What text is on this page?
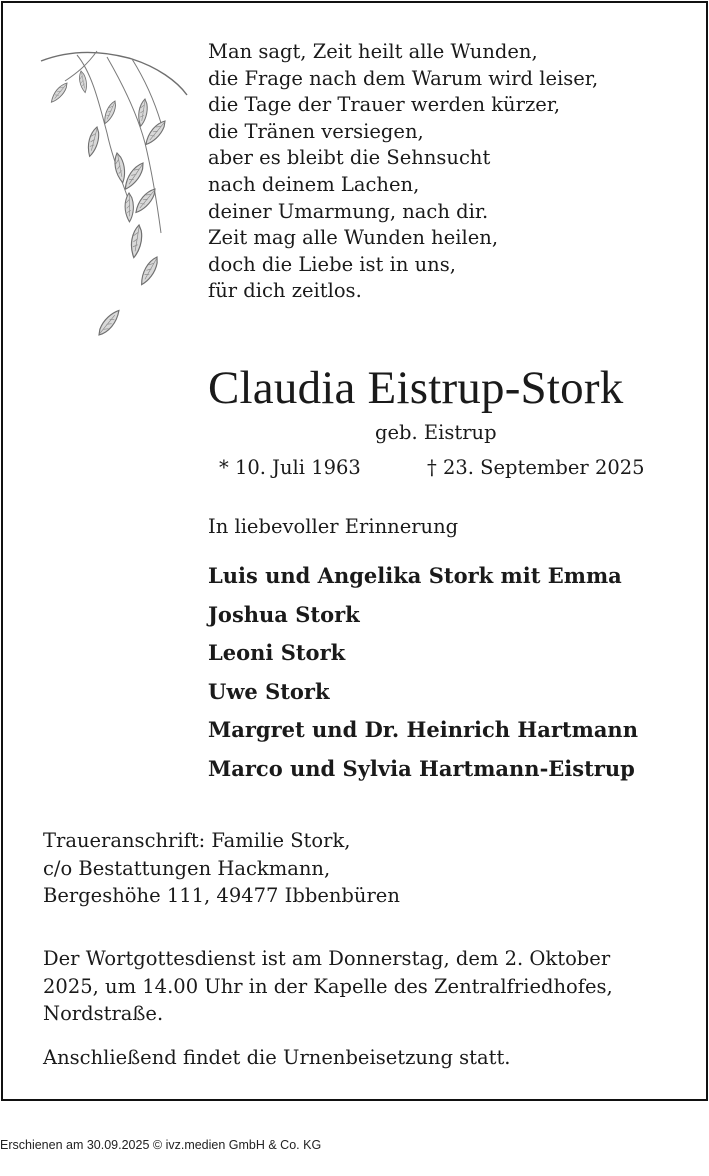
Man sagt, Zeit heilt alle Wunden,
die Frage nach dem Warum wird leiser,
die Tage der Trauer werden kürzer,
die Tränen versiegen,
aber es bleibt die Sehnsucht
nach deinem Lachen,
deiner Umarmung, nach dir.
Zeit mag alle Wunden heilen,
doch die Liebe ist in uns,
für dich zeitlos.
Claudia Eistrup-Stork
geb. Eistrup
* 10. Juli 1963	† 23. September 2025
In liebevoller Erinnerung
Luis und Angelika Stork mit Emma
Joshua Stork
Leoni Stork
Uwe Stork
Margret und Dr. Heinrich Hartmann
Marco und Sylvia Hartmann-Eistrup
Traueranschrift: Familie Stork,
c/o Bestattungen Hackmann,
Bergeshöhe 111, 49477 Ibbenbüren
Der Wortgottesdienst ist am Donnerstag, dem 2. Oktober
2025, um 14.00 Uhr in der Kapelle des Zentralfriedhofes,
Nordstraße.
Anschließend findet die Urnenbeisetzung statt.
Erschienen am 30.09.2025 © ivz.medien GmbH & Co. KG
